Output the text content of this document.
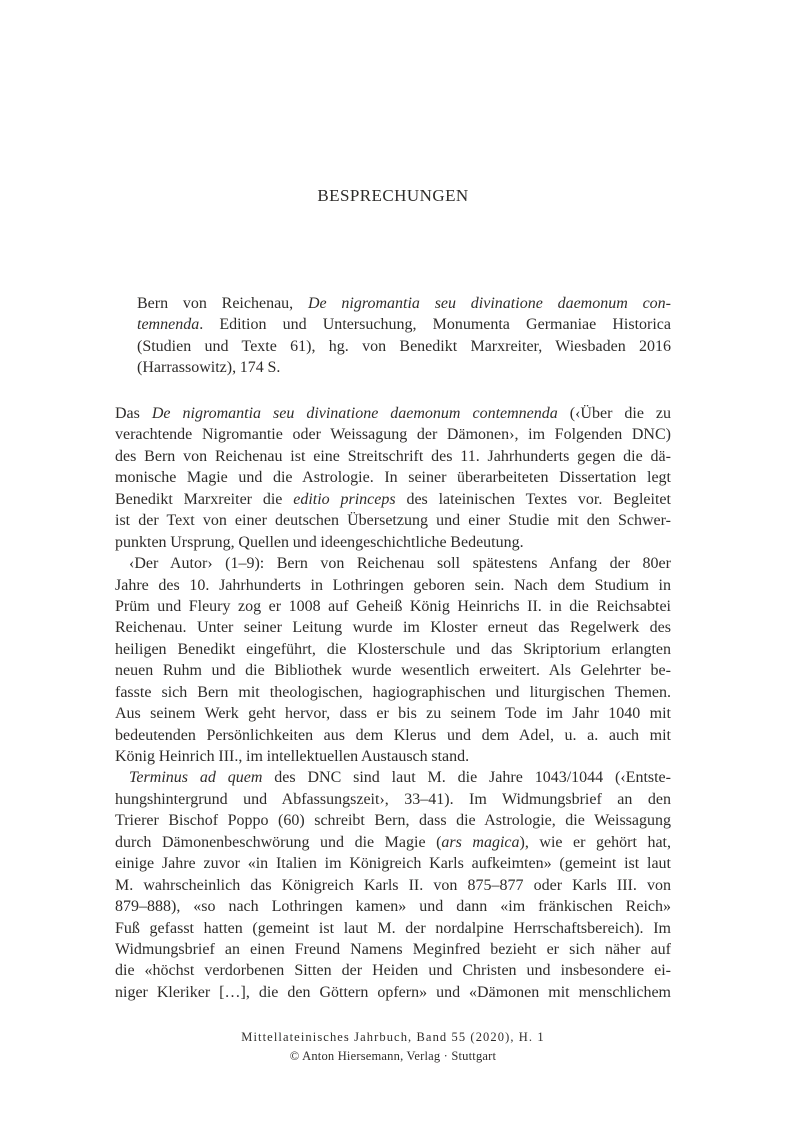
BESPRECHUNGEN
Bern von Reichenau, De nigromantia seu divinatione daemonum con-
temnenda. Edition und Untersuchung, Monumenta Germaniae Historica
(Studien und Texte 61), hg. von Benedikt Marxreiter, Wiesbaden 2016
(Harrassowitz), 174 S.
Das De nigromantia seu divinatione daemonum contemnenda (‹Über die zu
verachtende Nigromantie oder Weissagung der Dämonen›, im Folgenden DNC)
des Bern von Reichenau ist eine Streitschrift des 11. Jahrhunderts gegen die dä-
monische Magie und die Astrologie. In seiner überarbeiteten Dissertation legt
Benedikt Marxreiter die editio princeps des lateinischen Textes vor. Begleitet
ist der Text von einer deutschen Übersetzung und einer Studie mit den Schwer-
punkten Ursprung, Quellen und ideengeschichtliche Bedeutung.
‹Der Autor› (1–9): Bern von Reichenau soll spätestens Anfang der 80er
Jahre des 10. Jahrhunderts in Lothringen geboren sein. Nach dem Studium in
Prüm und Fleury zog er 1008 auf Geheiß König Heinrichs II. in die Reichsabtei
Reichenau. Unter seiner Leitung wurde im Kloster erneut das Regelwerk des
heiligen Benedikt eingeführt, die Klosterschule und das Skriptorium erlangten
neuen Ruhm und die Bibliothek wurde wesentlich erweitert. Als Gelehrter be-
fasste sich Bern mit theologischen, hagiographischen und liturgischen Themen.
Aus seinem Werk geht hervor, dass er bis zu seinem Tode im Jahr 1040 mit
bedeutenden Persönlichkeiten aus dem Klerus und dem Adel, u. a. auch mit
König Heinrich III., im intellektuellen Austausch stand.
Terminus ad quem des DNC sind laut M. die Jahre 1043/1044 (‹Entste-
hungshintergrund und Abfassungszeit›, 33–41). Im Widmungsbrief an den
Trierer Bischof Poppo (60) schreibt Bern, dass die Astrologie, die Weissagung
durch Dämonenbeschwörung und die Magie (ars magica), wie er gehört hat,
einige Jahre zuvor «in Italien im Königreich Karls aufkeimten» (gemeint ist laut
M. wahrscheinlich das Königreich Karls II. von 875–877 oder Karls III. von
879–888), «so nach Lothringen kamen» und dann «im fränkischen Reich»
Fuß gefasst hatten (gemeint ist laut M. der nordalpine Herrschaftsbereich). Im
Widmungsbrief an einen Freund Namens Meginfred bezieht er sich näher auf
die «höchst verdorbenen Sitten der Heiden und Christen und insbesondere ei-
niger Kleriker […], die den Göttern opfern» und «Dämonen mit menschlichem
Mittellateinisches Jahrbuch, Band 55 (2020), H. 1
© Anton Hiersemann, Verlag · Stuttgart
